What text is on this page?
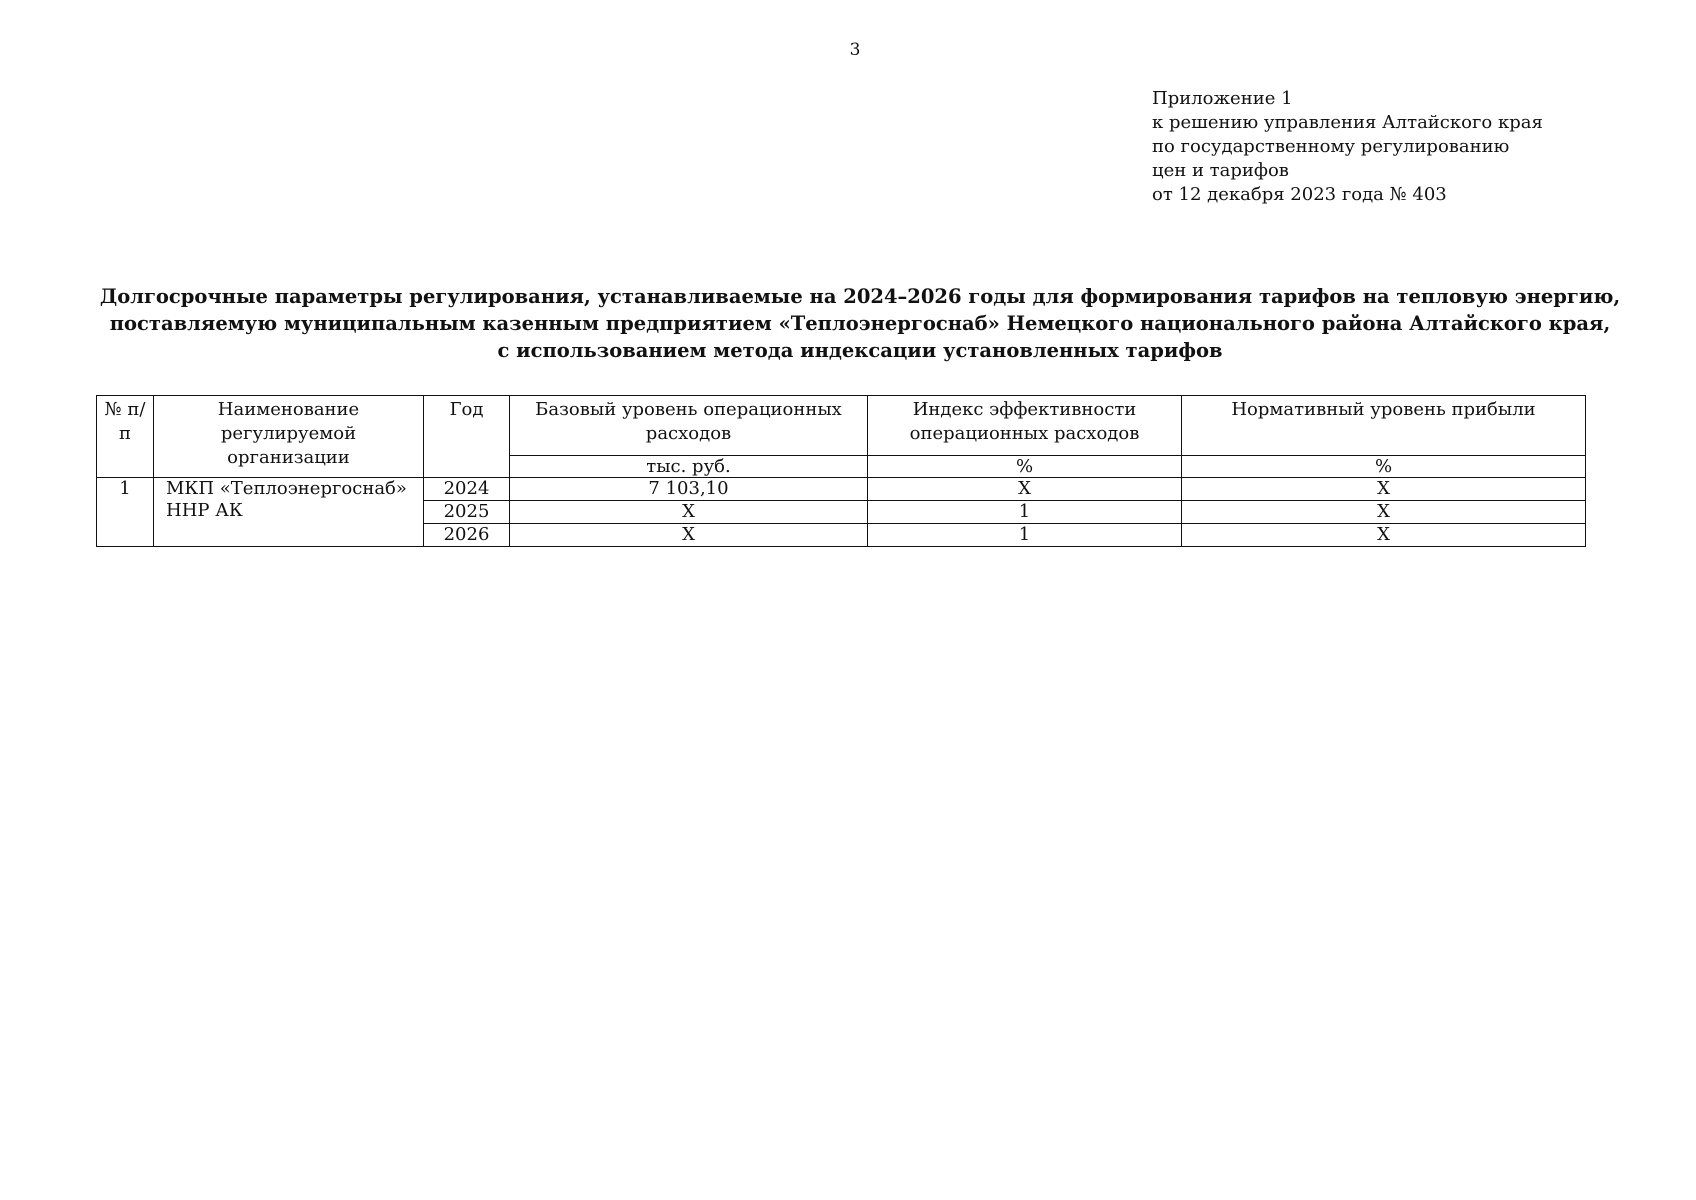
3
Приложение 1
к решению управления Алтайского края
по государственному регулированию
цен и тарифов
от 12 декабря 2023 года № 403
Долгосрочные параметры регулирования, устанавливаемые на 2024–2026 годы для формирования тарифов на тепловую энергию,
поставляемую муниципальным казенным предприятием «Теплоэнергоснаб» Немецкого национального района Алтайского края,
с использованием метода индексации установленных тарифов
№ п/п	Наименование регулируемой организации	Год	Базовый уровень операционных расходов	Индекс эффективности операционных расходов	Нормативный уровень прибыли
			тыс. руб.	%	%
1	МКП «Теплоэнергоснаб» ННР АК	2024	7 103,10	Х	Х
		2025	Х	1	Х
		2026	Х	1	Х
